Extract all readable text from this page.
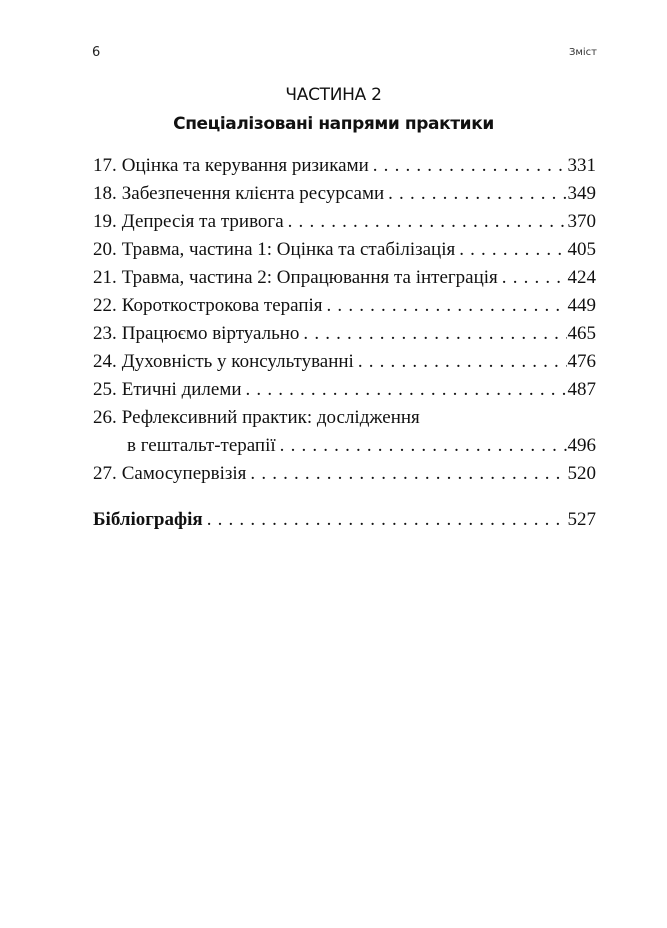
6	Зміст
ЧАСТИНА 2
Спеціалізовані напрями практики
17. Оцінка та керування ризиками . . .	331
18. Забезпечення клієнта ресурсами . . .	349
19. Депресія та тривога . . .	370
20. Травма, частина 1: Оцінка та стабілізація . . .	405
21. Травма, частина 2: Опрацювання та інтеграція . . .	424
22. Короткострокова терапія . . .	449
23. Працюємо віртуально . . .	465
24. Духовність у консультуванні . . .	476
25. Етичні дилеми . . .	487
26. Рефлексивний практик: дослідження
в гештальт-терапії . . .	496
27. Самосупервізія . . .	520
Бібліографія . . .	527
